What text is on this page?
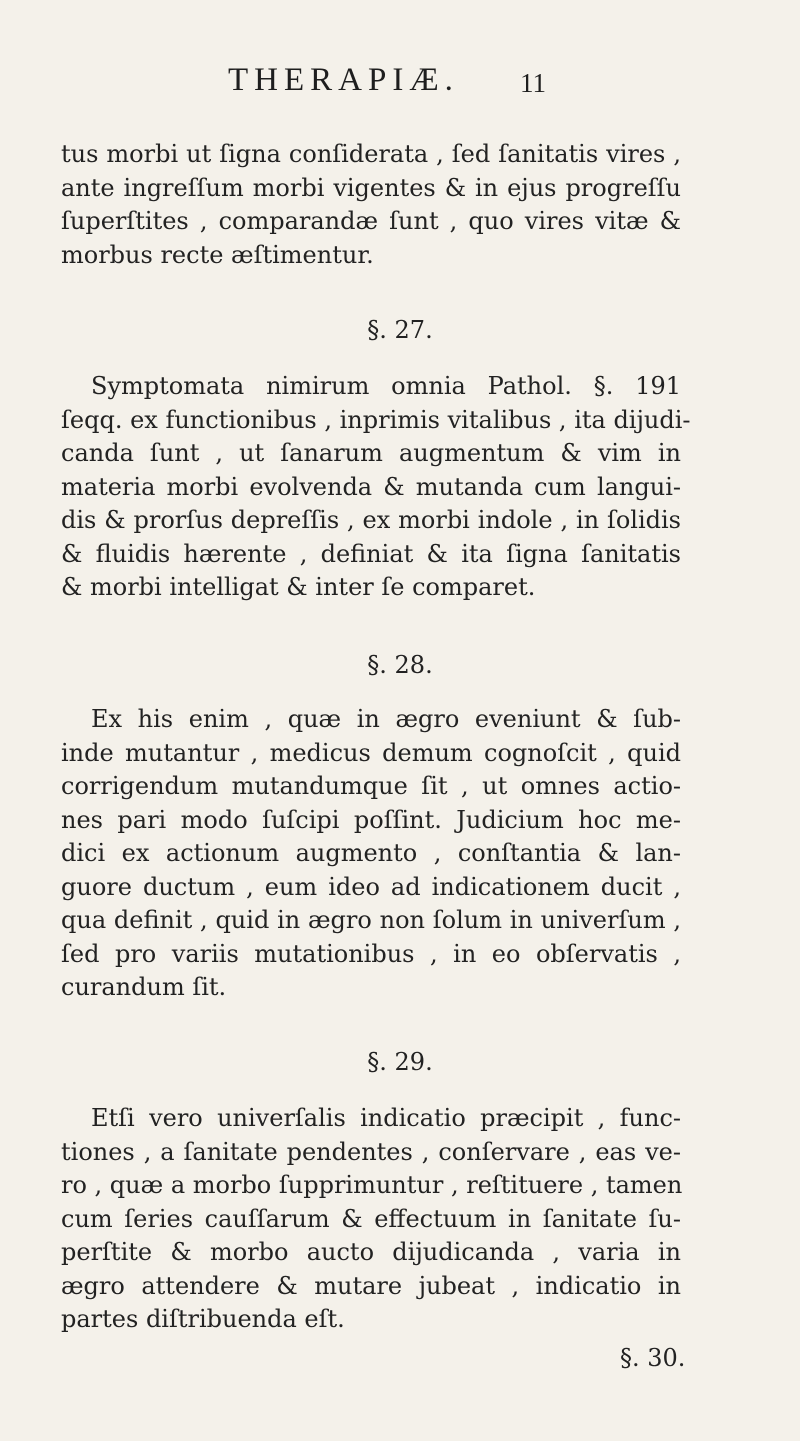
THERAPIÆ. 11
tus morbi ut ſigna conſiderata , ſed ſanitatis vires ,
ante ingreſſum morbi vigentes & in ejus progreſſu
ſuperſtites , comparandæ ſunt , quo vires vitæ &
morbus recte æſtimentur.
§. 27.
Symptomata nimirum omnia Pathol. §. 191
ſeqq. ex functionibus , inprimis vitalibus , ita dijudi-
canda ſunt , ut ſanarum augmentum & vim in
materia morbi evolvenda & mutanda cum langui-
dis & prorſus depreſſis , ex morbi indole , in ſolidis
& fluidis hærente , definiat & ita ſigna ſanitatis
& morbi intelligat & inter ſe comparet.
§. 28.
Ex his enim , quæ in ægro eveniunt & ſub-
inde mutantur , medicus demum cognoſcit , quid
corrigendum mutandumque ſit , ut omnes actio-
nes pari modo ſuſcipi poſſint. Judicium hoc me-
dici ex actionum augmento , conſtantia & lan-
guore ductum , eum ideo ad indicationem ducit ,
qua definit , quid in ægro non ſolum in univerſum ,
ſed pro variis mutationibus , in eo obſervatis ,
curandum ſit.
§. 29.
Etſi vero univerſalis indicatio præcipit , func-
tiones , a ſanitate pendentes , conſervare , eas ve-
ro , quæ a morbo ſupprimuntur , reſtituere , tamen
cum ſeries cauſſarum & effectuum in ſanitate ſu-
perſtite & morbo aucto dijudicanda , varia in
ægro attendere & mutare jubeat , indicatio in
partes diſtribuenda eſt.
§. 30.
